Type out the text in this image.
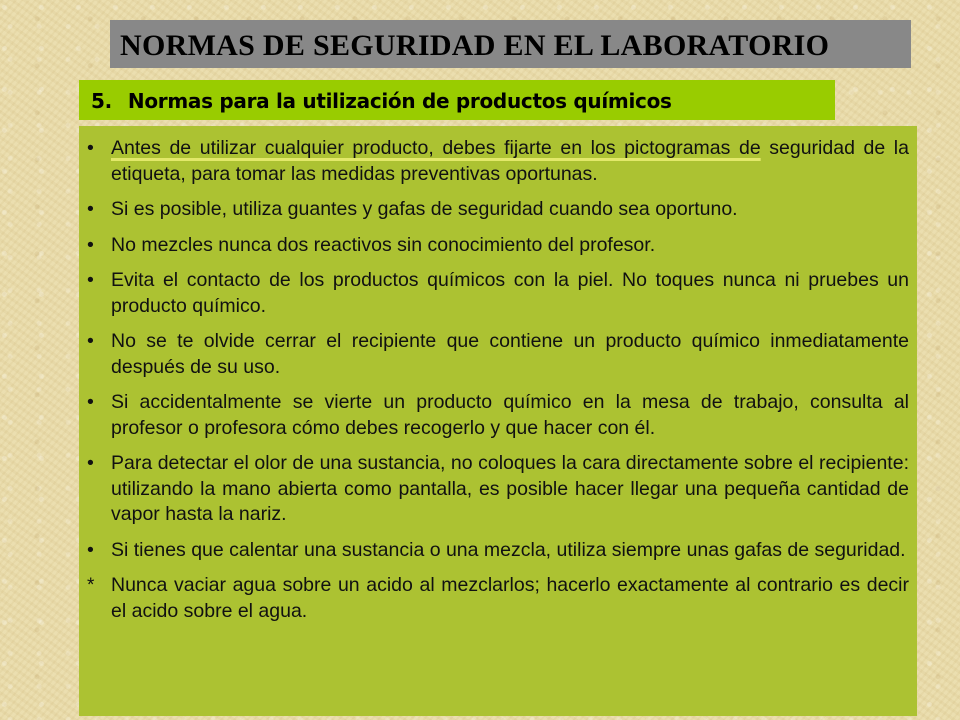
NORMAS DE SEGURIDAD EN EL LABORATORIO
5. Normas para la utilización de productos químicos
• Antes de utilizar cualquier producto, debes fijarte en los pictogramas de seguridad de la etiqueta, para tomar las medidas preventivas oportunas.
• Si es posible, utiliza guantes y gafas de seguridad cuando sea oportuno.
• No mezcles nunca dos reactivos sin conocimiento del profesor.
• Evita el contacto de los productos químicos con la piel. No toques nunca ni pruebes un producto químico.
• No se te olvide cerrar el recipiente que contiene un producto químico inmediatamente después de su uso.
• Si accidentalmente se vierte un producto químico en la mesa de trabajo, consulta al profesor o profesora cómo debes recogerlo y que hacer con él.
• Para detectar el olor de una sustancia, no coloques la cara directamente sobre el recipiente: utilizando la mano abierta como pantalla, es posible hacer llegar una pequeña cantidad de vapor hasta la nariz.
• Si tienes que calentar una sustancia o una mezcla, utiliza siempre unas gafas de seguridad.
* Nunca vaciar agua sobre un acido al mezclarlos; hacerlo exactamente al contrario es decir el acido sobre el agua.
